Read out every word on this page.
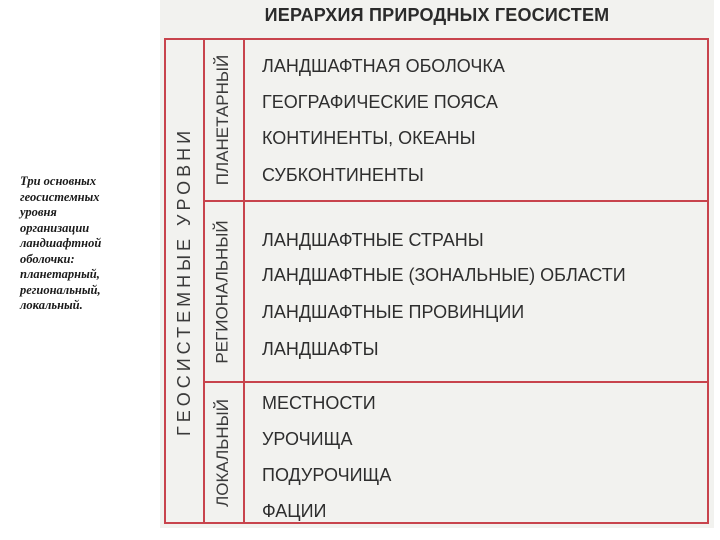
Три основных
геосистемных
уровня
организации
ландшафтной
оболочки:
планетарный,
региональный,
локальный.
ИЕРАРХИЯ ПРИРОДНЫХ ГЕОСИСТЕМ
ГЕОСИСТЕМНЫЕ УРОВНИ
ПЛАНЕТАРНЫЙ
РЕГИОНАЛЬНЫЙ
ЛОКАЛЬНЫЙ
ЛАНДШАФТНАЯ ОБОЛОЧКА
ГЕОГРАФИЧЕСКИЕ ПОЯСА
КОНТИНЕНТЫ, ОКЕАНЫ
СУБКОНТИНЕНТЫ
ЛАНДШАФТНЫЕ СТРАНЫ
ЛАНДШАФТНЫЕ (ЗОНАЛЬНЫЕ) ОБЛАСТИ
ЛАНДШАФТНЫЕ ПРОВИНЦИИ
ЛАНДШАФТЫ
МЕСТНОСТИ
УРОЧИЩА
ПОДУРОЧИЩА
ФАЦИИ
